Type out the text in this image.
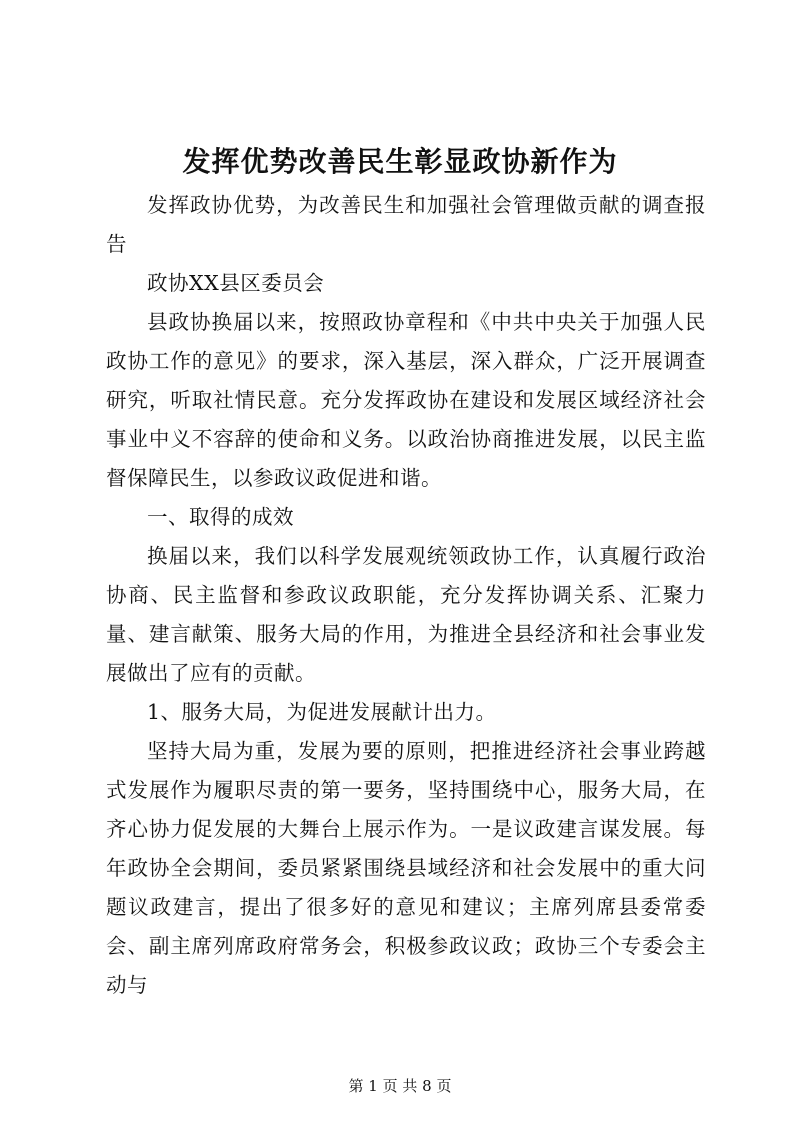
发挥优势改善民生彰显政协新作为

发挥政协优势，为改善民生和加强社会管理做贡献的调查报告

政协XX县区委员会

县政协换届以来，按照政协章程和《中共中央关于加强人民政协工作的意见》的要求，深入基层，深入群众，广泛开展调查研究，听取社情民意。充分发挥政协在建设和发展区域经济社会事业中义不容辞的使命和义务。以政治协商推进发展，以民主监督保障民生，以参政议政促进和谐。

一、取得的成效

换届以来，我们以科学发展观统领政协工作，认真履行政治协商、民主监督和参政议政职能，充分发挥协调关系、汇聚力量、建言献策、服务大局的作用，为推进全县经济和社会事业发展做出了应有的贡献。

1、服务大局，为促进发展献计出力。

坚持大局为重，发展为要的原则，把推进经济社会事业跨越式发展作为履职尽责的第一要务，坚持围绕中心，服务大局，在齐心协力促发展的大舞台上展示作为。一是议政建言谋发展。每年政协全会期间，委员紧紧围绕县域经济和社会发展中的重大问题议政建言，提出了很多好的意见和建议；主席列席县委常委会、副主席列席政府常务会，积极参政议政；政协三个专委会主动与

第 1 页 共 8 页
